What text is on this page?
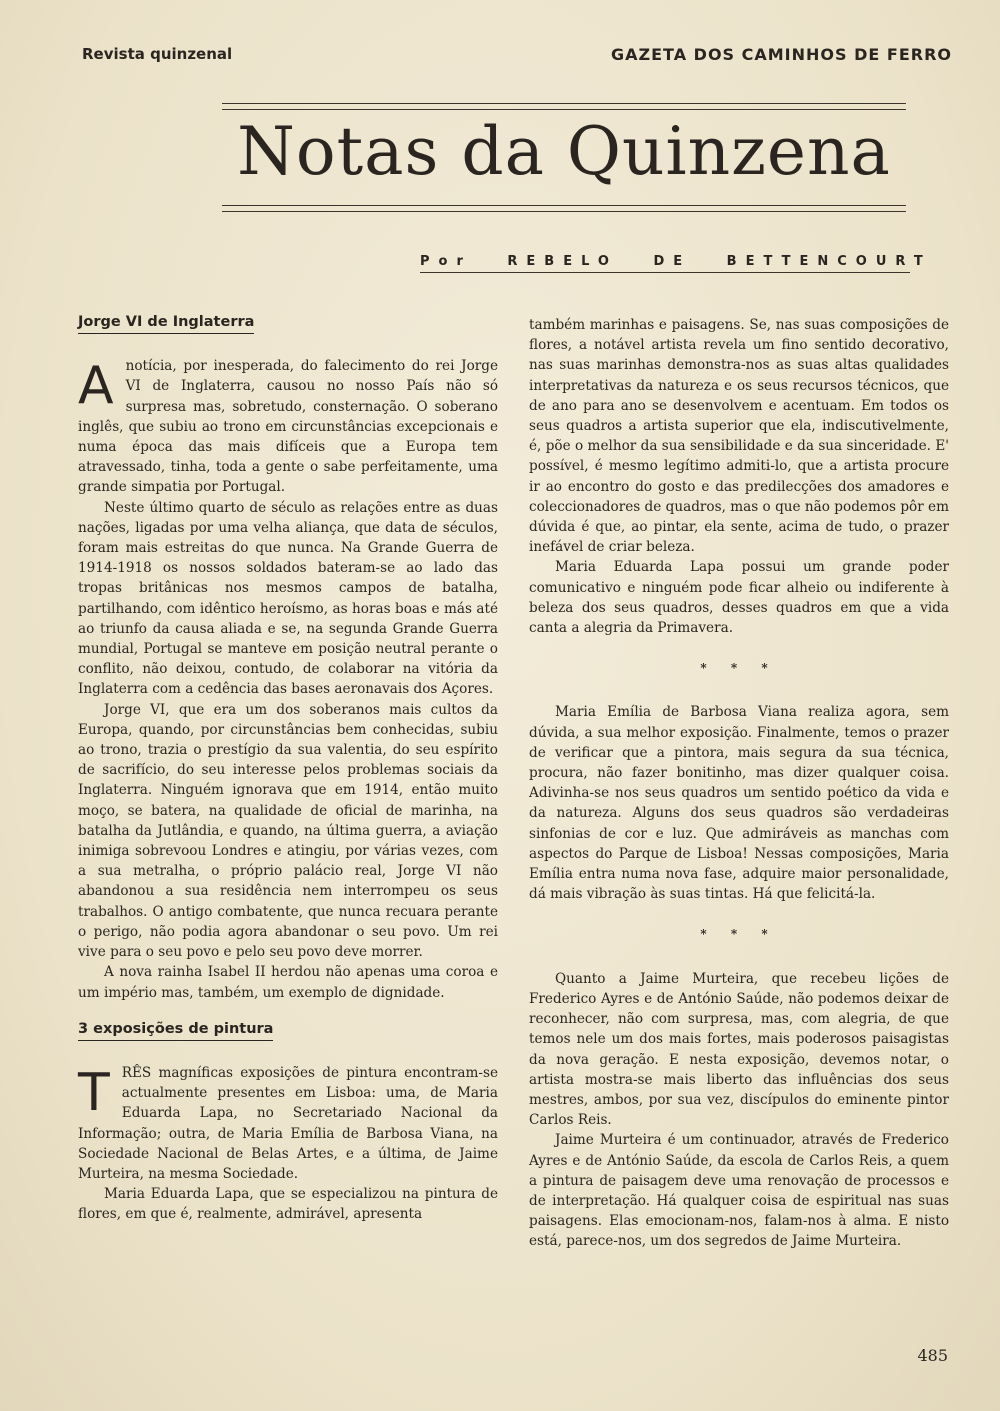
Revista quinzenal	GAZETA DOS CAMINHOS DE FERRO
Notas da Quinzena
Por REBELO DE BETTENCOURT
Jorge VI de Inglaterra

Anotícia, por inesperada, do falecimento do rei Jorge VI de Inglaterra, causou no nosso País não só surpresa mas, sobretudo, consternação. O soberano inglês, que subiu ao trono em circunstâncias excepcionais e numa época das mais difíceis que a Europa tem atravessado, tinha, toda a gente o sabe perfeitamente, uma grande simpatia por Portugal.

Neste último quarto de século as relações entre as duas nações, ligadas por uma velha aliança, que data de séculos, foram mais estreitas do que nunca. Na Grande Guerra de 1914-1918 os nossos soldados bateram-se ao lado das tropas britânicas nos mesmos campos de batalha, partilhando, com idêntico heroísmo, as horas boas e más até ao triunfo da causa aliada e se, na segunda Grande Guerra mundial, Portugal se manteve em posição neutral perante o conflito, não deixou, contudo, de colaborar na vitória da Inglaterra com a cedência das bases aeronavais dos Açores.

Jorge VI, que era um dos soberanos mais cultos da Europa, quando, por circunstâncias bem conhecidas, subiu ao trono, trazia o prestígio da sua valentia, do seu espírito de sacrifício, do seu interesse pelos problemas sociais da Inglaterra. Ninguém ignorava que em 1914, então muito moço, se batera, na qualidade de oficial de marinha, na batalha da Jutlândia, e quando, na última guerra, a aviação inimiga sobrevoou Londres e atingiu, por várias vezes, com a sua metralha, o próprio palácio real, Jorge VI não abandonou a sua residência nem interrompeu os seus trabalhos. O antigo combatente, que nunca recuara perante o perigo, não podia agora abandonar o seu povo. Um rei vive para o seu povo e pelo seu povo deve morrer.

A nova rainha Isabel II herdou não apenas uma coroa e um império mas, também, um exemplo de dignidade.

3 exposições de pintura

TRÊS magníficas exposições de pintura encontram-se actualmente presentes em Lisboa: uma, de Maria Eduarda Lapa, no Secretariado Nacional da Informação; outra, de Maria Emília de Barbosa Viana, na Sociedade Nacional de Belas Artes, e a última, de Jaime Murteira, na mesma Sociedade.

Maria Eduarda Lapa, que se especializou na pintura de flores, em que é, realmente, admirável, apresenta

também marinhas e paisagens. Se, nas suas composições de flores, a notável artista revela um fino sentido decorativo, nas suas marinhas demonstra-nos as suas altas qualidades interpretativas da natureza e os seus recursos técnicos, que de ano para ano se desenvolvem e acentuam. Em todos os seus quadros a artista superior que ela, indiscutivelmente, é, põe o melhor da sua sensibilidade e da sua sinceridade. E' possível, é mesmo legítimo admiti-lo, que a artista procure ir ao encontro do gosto e das predilecções dos amadores e coleccionadores de quadros, mas o que não podemos pôr em dúvida é que, ao pintar, ela sente, acima de tudo, o prazer inefável de criar beleza.

Maria Eduarda Lapa possui um grande poder comunicativo e ninguém pode ficar alheio ou indiferente à beleza dos seus quadros, desses quadros em que a vida canta a alegria da Primavera.

* * *

Maria Emília de Barbosa Viana realiza agora, sem dúvida, a sua melhor exposição. Finalmente, temos o prazer de verificar que a pintora, mais segura da sua técnica, procura, não fazer bonitinho, mas dizer qualquer coisa. Adivinha-se nos seus quadros um sentido poético da vida e da natureza. Alguns dos seus quadros são verdadeiras sinfonias de cor e luz. Que admiráveis as manchas com aspectos do Parque de Lisboa! Nessas composições, Maria Emília entra numa nova fase, adquire maior personalidade, dá mais vibração às suas tintas. Há que felicitá-la.

* * *

Quanto a Jaime Murteira, que recebeu lições de Frederico Ayres e de António Saúde, não podemos deixar de reconhecer, não com surpresa, mas, com alegria, de que temos nele um dos mais fortes, mais poderosos paisagistas da nova geração. E nesta exposição, devemos notar, o artista mostra-se mais liberto das influências dos seus mestres, ambos, por sua vez, discípulos do eminente pintor Carlos Reis.

Jaime Murteira é um continuador, através de Frederico Ayres e de António Saúde, da escola de Carlos Reis, a quem a pintura de paisagem deve uma renovação de processos e de interpretação. Há qualquer coisa de espiritual nas suas paisagens. Elas emocionam-nos, falam-nos à alma. E nisto está, parece-nos, um dos segredos de Jaime Murteira.

485
